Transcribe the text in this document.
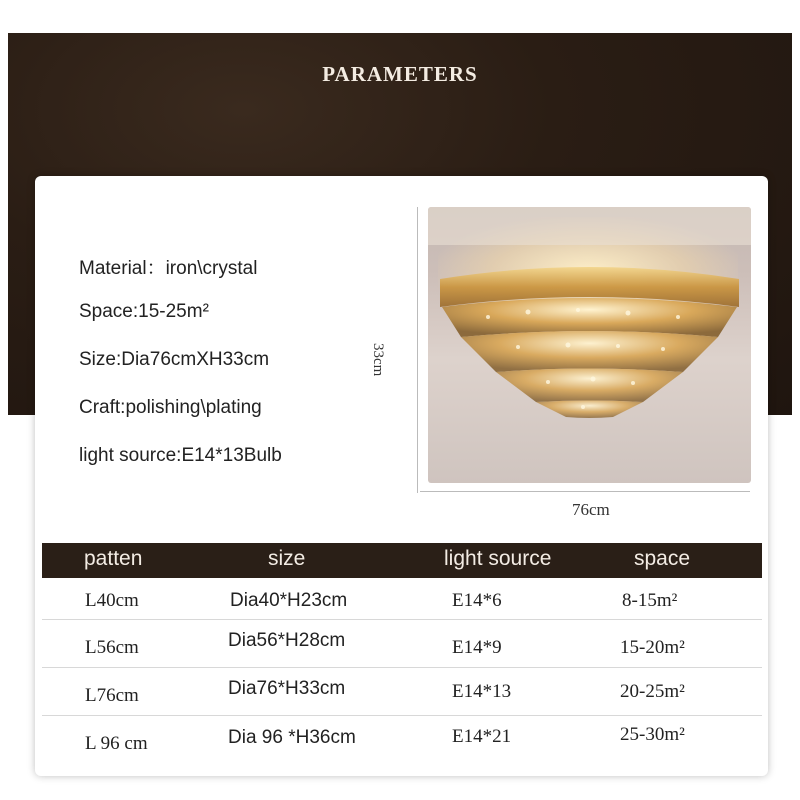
PARAMETERS
Material：iron\crystal
Space:15-25m²
Size:Dia76cmXH33cm
Craft:polishing\plating
light source:E14*13Bulb
33cm
76cm
patten	size	light source	space
L40cm	Dia40*H23cm	E14*6	8-15m²
L56cm	Dia56*H28cm	E14*9	15-20m²
L76cm	Dia76*H33cm	E14*13	20-25m²
L 96 cm	Dia 96 *H36cm	E14*21	25-30m²
